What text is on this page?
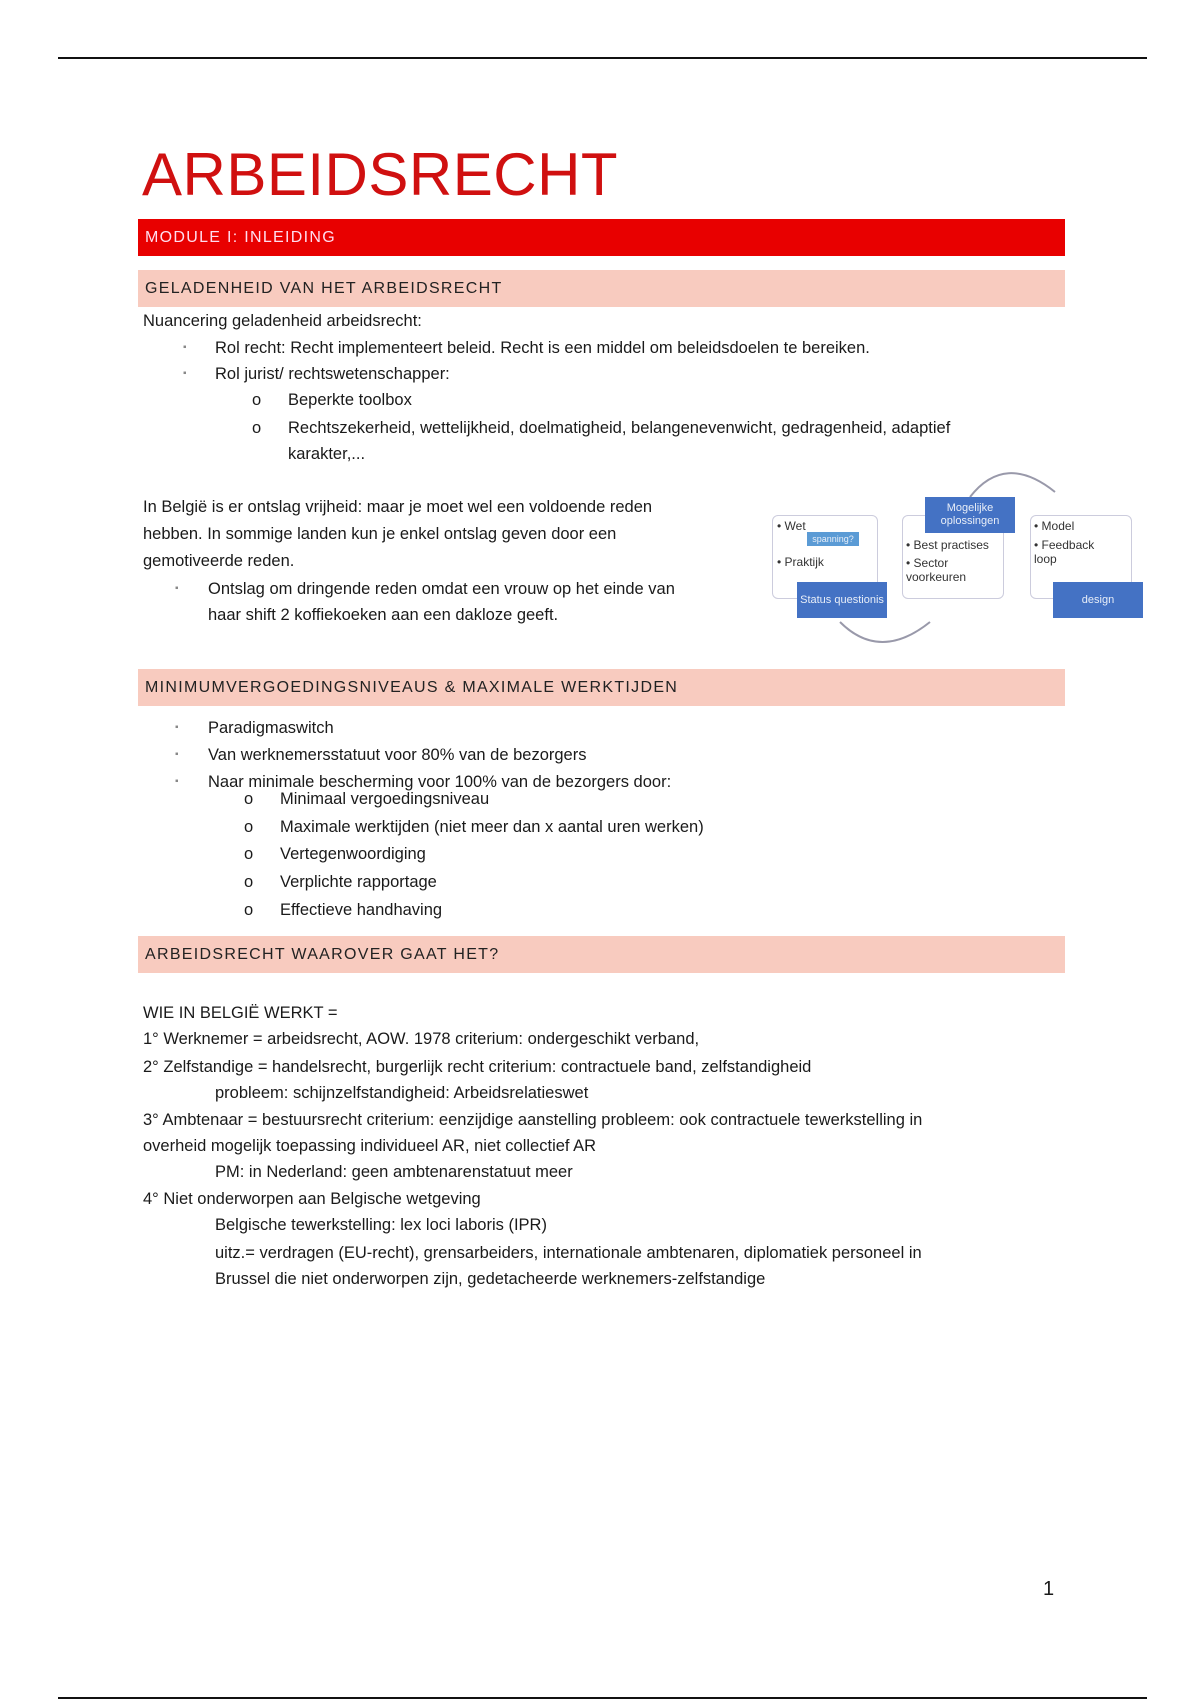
ARBEIDSRECHT
MODULE I: INLEIDING
GELADENHEID VAN HET ARBEIDSRECHT
Nuancering geladenheid arbeidsrecht:
▪ Rol recht: Recht implementeert beleid. Recht is een middel om beleidsdoelen te bereiken.
▪ Rol jurist/ rechtswetenschapper:
o Beperkte toolbox
o Rechtszekerheid, wettelijkheid, doelmatigheid, belangenevenwicht, gedragenheid, adaptief
karakter,...
In België is er ontslag vrijheid: maar je moet wel een voldoende reden
hebben. In sommige landen kun je enkel ontslag geven door een
gemotiveerde reden.
▪ Ontslag om dringende reden omdat een vrouw op het einde van
haar shift 2 koffiekoeken aan een dakloze geeft.
• Wet
spanning?
• Praktijk
Status questionis
Mogelijke oplossingen
• Best practises
• Sector voorkeuren
• Model
• Feedback loop
design
MINIMUMVERGOEDINGSNIVEAUS & MAXIMALE WERKTIJDEN
▪ Paradigmaswitch
▪ Van werknemersstatuut voor 80% van de bezorgers
▪ Naar minimale bescherming voor 100% van de bezorgers door:
o Minimaal vergoedingsniveau
o Maximale werktijden (niet meer dan x aantal uren werken)
o Vertegenwoordiging
o Verplichte rapportage
o Effectieve handhaving
ARBEIDSRECHT WAAROVER GAAT HET?
WIE IN BELGIË WERKT =
1° Werknemer = arbeidsrecht, AOW. 1978 criterium: ondergeschikt verband,
2° Zelfstandige = handelsrecht, burgerlijk recht criterium: contractuele band, zelfstandigheid
probleem: schijnzelfstandigheid: Arbeidsrelatieswet
3° Ambtenaar = bestuursrecht criterium: eenzijdige aanstelling probleem: ook contractuele tewerkstelling in
overheid mogelijk toepassing individueel AR, niet collectief AR
PM: in Nederland: geen ambtenarenstatuut meer
4° Niet onderworpen aan Belgische wetgeving
Belgische tewerkstelling: lex loci laboris (IPR)
uitz.= verdragen (EU-recht), grensarbeiders, internationale ambtenaren, diplomatiek personeel in
Brussel die niet onderworpen zijn, gedetacheerde werknemers-zelfstandige
1
